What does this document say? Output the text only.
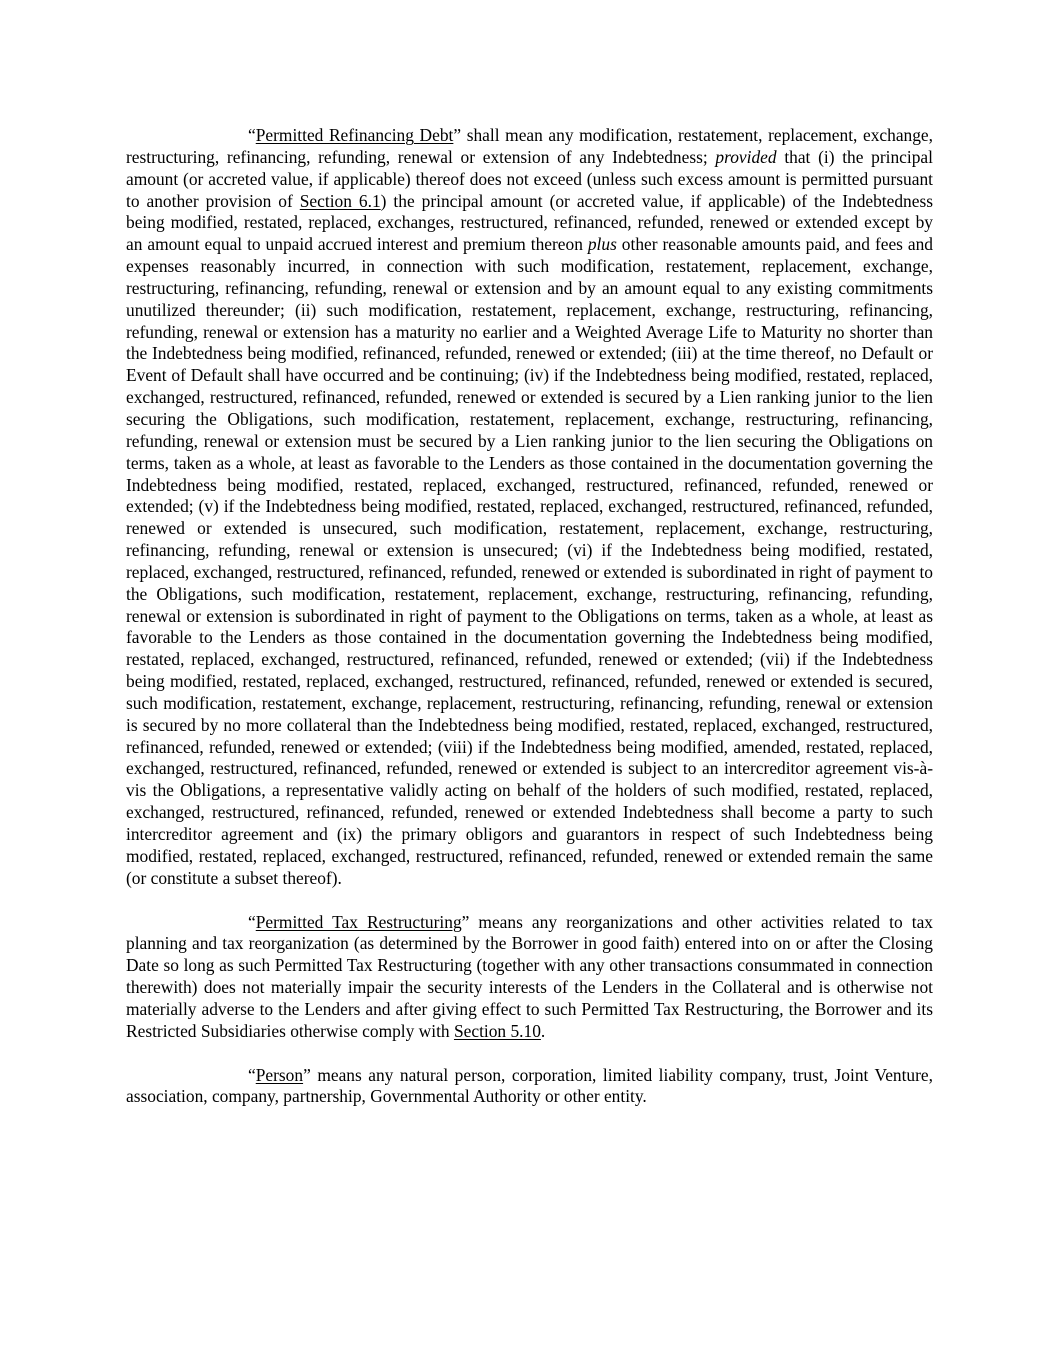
“Permitted Refinancing Debt” shall mean any modification, restatement, replacement, exchange, restructuring, refinancing, refunding, renewal or extension of any Indebtedness; provided that (i) the principal amount (or accreted value, if applicable) thereof does not exceed (unless such excess amount is permitted pursuant to another provision of Section 6.1) the principal amount (or accreted value, if applicable) of the Indebtedness being modified, restated, replaced, exchanges, restructured, refinanced, refunded, renewed or extended except by an amount equal to unpaid accrued interest and premium thereon plus other reasonable amounts paid, and fees and expenses reasonably incurred, in connection with such modification, restatement, replacement, exchange, restructuring, refinancing, refunding, renewal or extension and by an amount equal to any existing commitments unutilized thereunder; (ii) such modification, restatement, replacement, exchange, restructuring, refinancing, refunding, renewal or extension has a maturity no earlier and a Weighted Average Life to Maturity no shorter than the Indebtedness being modified, refinanced, refunded, renewed or extended; (iii) at the time thereof, no Default or Event of Default shall have occurred and be continuing; (iv) if the Indebtedness being modified, restated, replaced, exchanged, restructured, refinanced, refunded, renewed or extended is secured by a Lien ranking junior to the lien securing the Obligations, such modification, restatement, replacement, exchange, restructuring, refinancing, refunding, renewal or extension must be secured by a Lien ranking junior to the lien securing the Obligations on terms, taken as a whole, at least as favorable to the Lenders as those contained in the documentation governing the Indebtedness being modified, restated, replaced, exchanged, restructured, refinanced, refunded, renewed or extended; (v) if the Indebtedness being modified, restated, replaced, exchanged, restructured, refinanced, refunded, renewed or extended is unsecured, such modification, restatement, replacement, exchange, restructuring, refinancing, refunding, renewal or extension is unsecured; (vi) if the Indebtedness being modified, restated, replaced, exchanged, restructured, refinanced, refunded, renewed or extended is subordinated in right of payment to the Obligations, such modification, restatement, replacement, exchange, restructuring, refinancing, refunding, renewal or extension is subordinated in right of payment to the Obligations on terms, taken as a whole, at least as favorable to the Lenders as those contained in the documentation governing the Indebtedness being modified, restated, replaced, exchanged, restructured, refinanced, refunded, renewed or extended; (vii) if the Indebtedness being modified, restated, replaced, exchanged, restructured, refinanced, refunded, renewed or extended is secured, such modification, restatement, exchange, replacement, restructuring, refinancing, refunding, renewal or extension is secured by no more collateral than the Indebtedness being modified, restated, replaced, exchanged, restructured, refinanced, refunded, renewed or extended; (viii) if the Indebtedness being modified, amended, restated, replaced, exchanged, restructured, refinanced, refunded, renewed or extended is subject to an intercreditor agreement vis-à-vis the Obligations, a representative validly acting on behalf of the holders of such modified, restated, replaced, exchanged, restructured, refinanced, refunded, renewed or extended Indebtedness shall become a party to such intercreditor agreement and (ix) the primary obligors and guarantors in respect of such Indebtedness being modified, restated, replaced, exchanged, restructured, refinanced, refunded, renewed or extended remain the same (or constitute a subset thereof).

“Permitted Tax Restructuring” means any reorganizations and other activities related to tax planning and tax reorganization (as determined by the Borrower in good faith) entered into on or after the Closing Date so long as such Permitted Tax Restructuring (together with any other transactions consummated in connection therewith) does not materially impair the security interests of the Lenders in the Collateral and is otherwise not materially adverse to the Lenders and after giving effect to such Permitted Tax Restructuring, the Borrower and its Restricted Subsidiaries otherwise comply with Section 5.10.

“Person” means any natural person, corporation, limited liability company, trust, Joint Venture, association, company, partnership, Governmental Authority or other entity.
